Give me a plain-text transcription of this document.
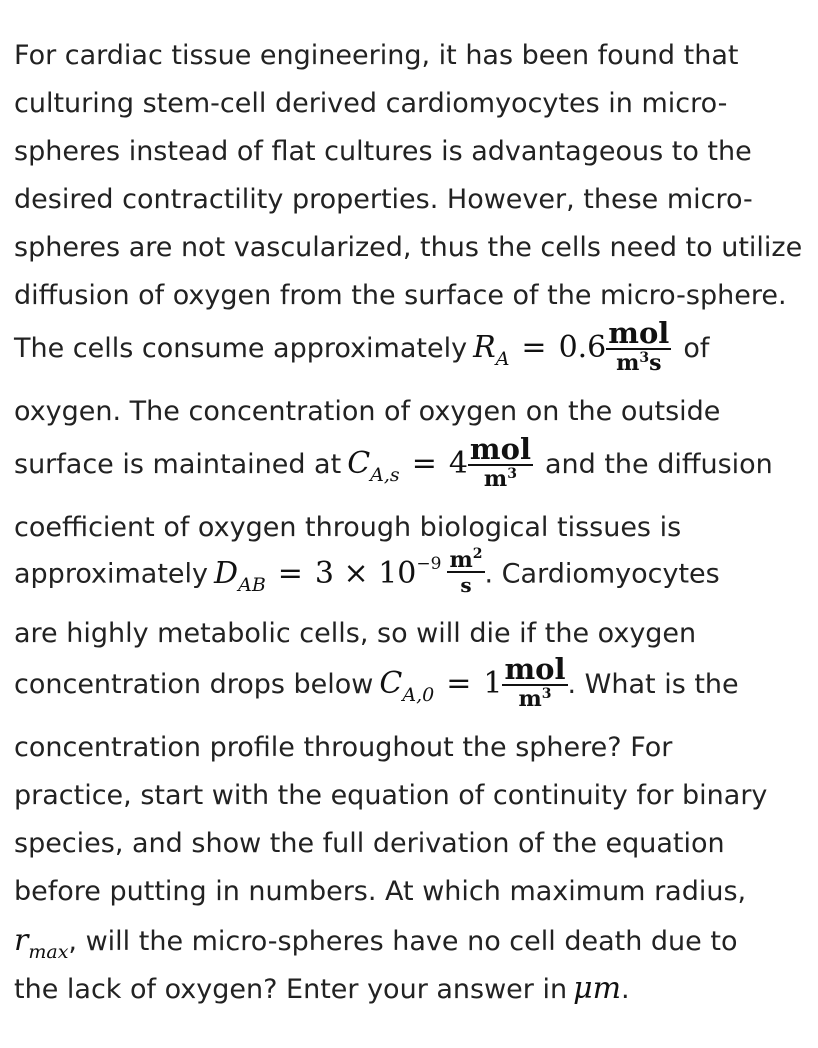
For cardiac tissue engineering, it has been found that
culturing stem-cell derived cardiomyocytes in micro-
spheres instead of flat cultures is advantageous to the
desired contractility properties. However, these micro-
spheres are not vascularized, thus the cells need to utilize
diffusion of oxygen from the surface of the micro-sphere.
The cells consume approximately $R_A = 0.6 \frac{\text{mol}}{m^3s}$ of
oxygen. The concentration of oxygen on the outside
surface is maintained at $C_{A,s} = 4 \frac{\text{mol}}{m^3}$ and the diffusion
coefficient of oxygen through biological tissues is
approximately $D_{AB} = 3 \times 10^{-9} \frac{m^2}{s}$ . Cardiomyocytes
are highly metabolic cells, so will die if the oxygen
concentration drops below $C_{A,0} = 1 \frac{\text{mol}}{m^3}$ . What is the
concentration profile throughout the sphere? For
practice, start with the equation of continuity for binary
species, and show the full derivation of the equation
before putting in numbers. At which maximum radius,
$r_{max}$, will the micro-spheres have no cell death due to
the lack of oxygen? Enter your answer in μm.
